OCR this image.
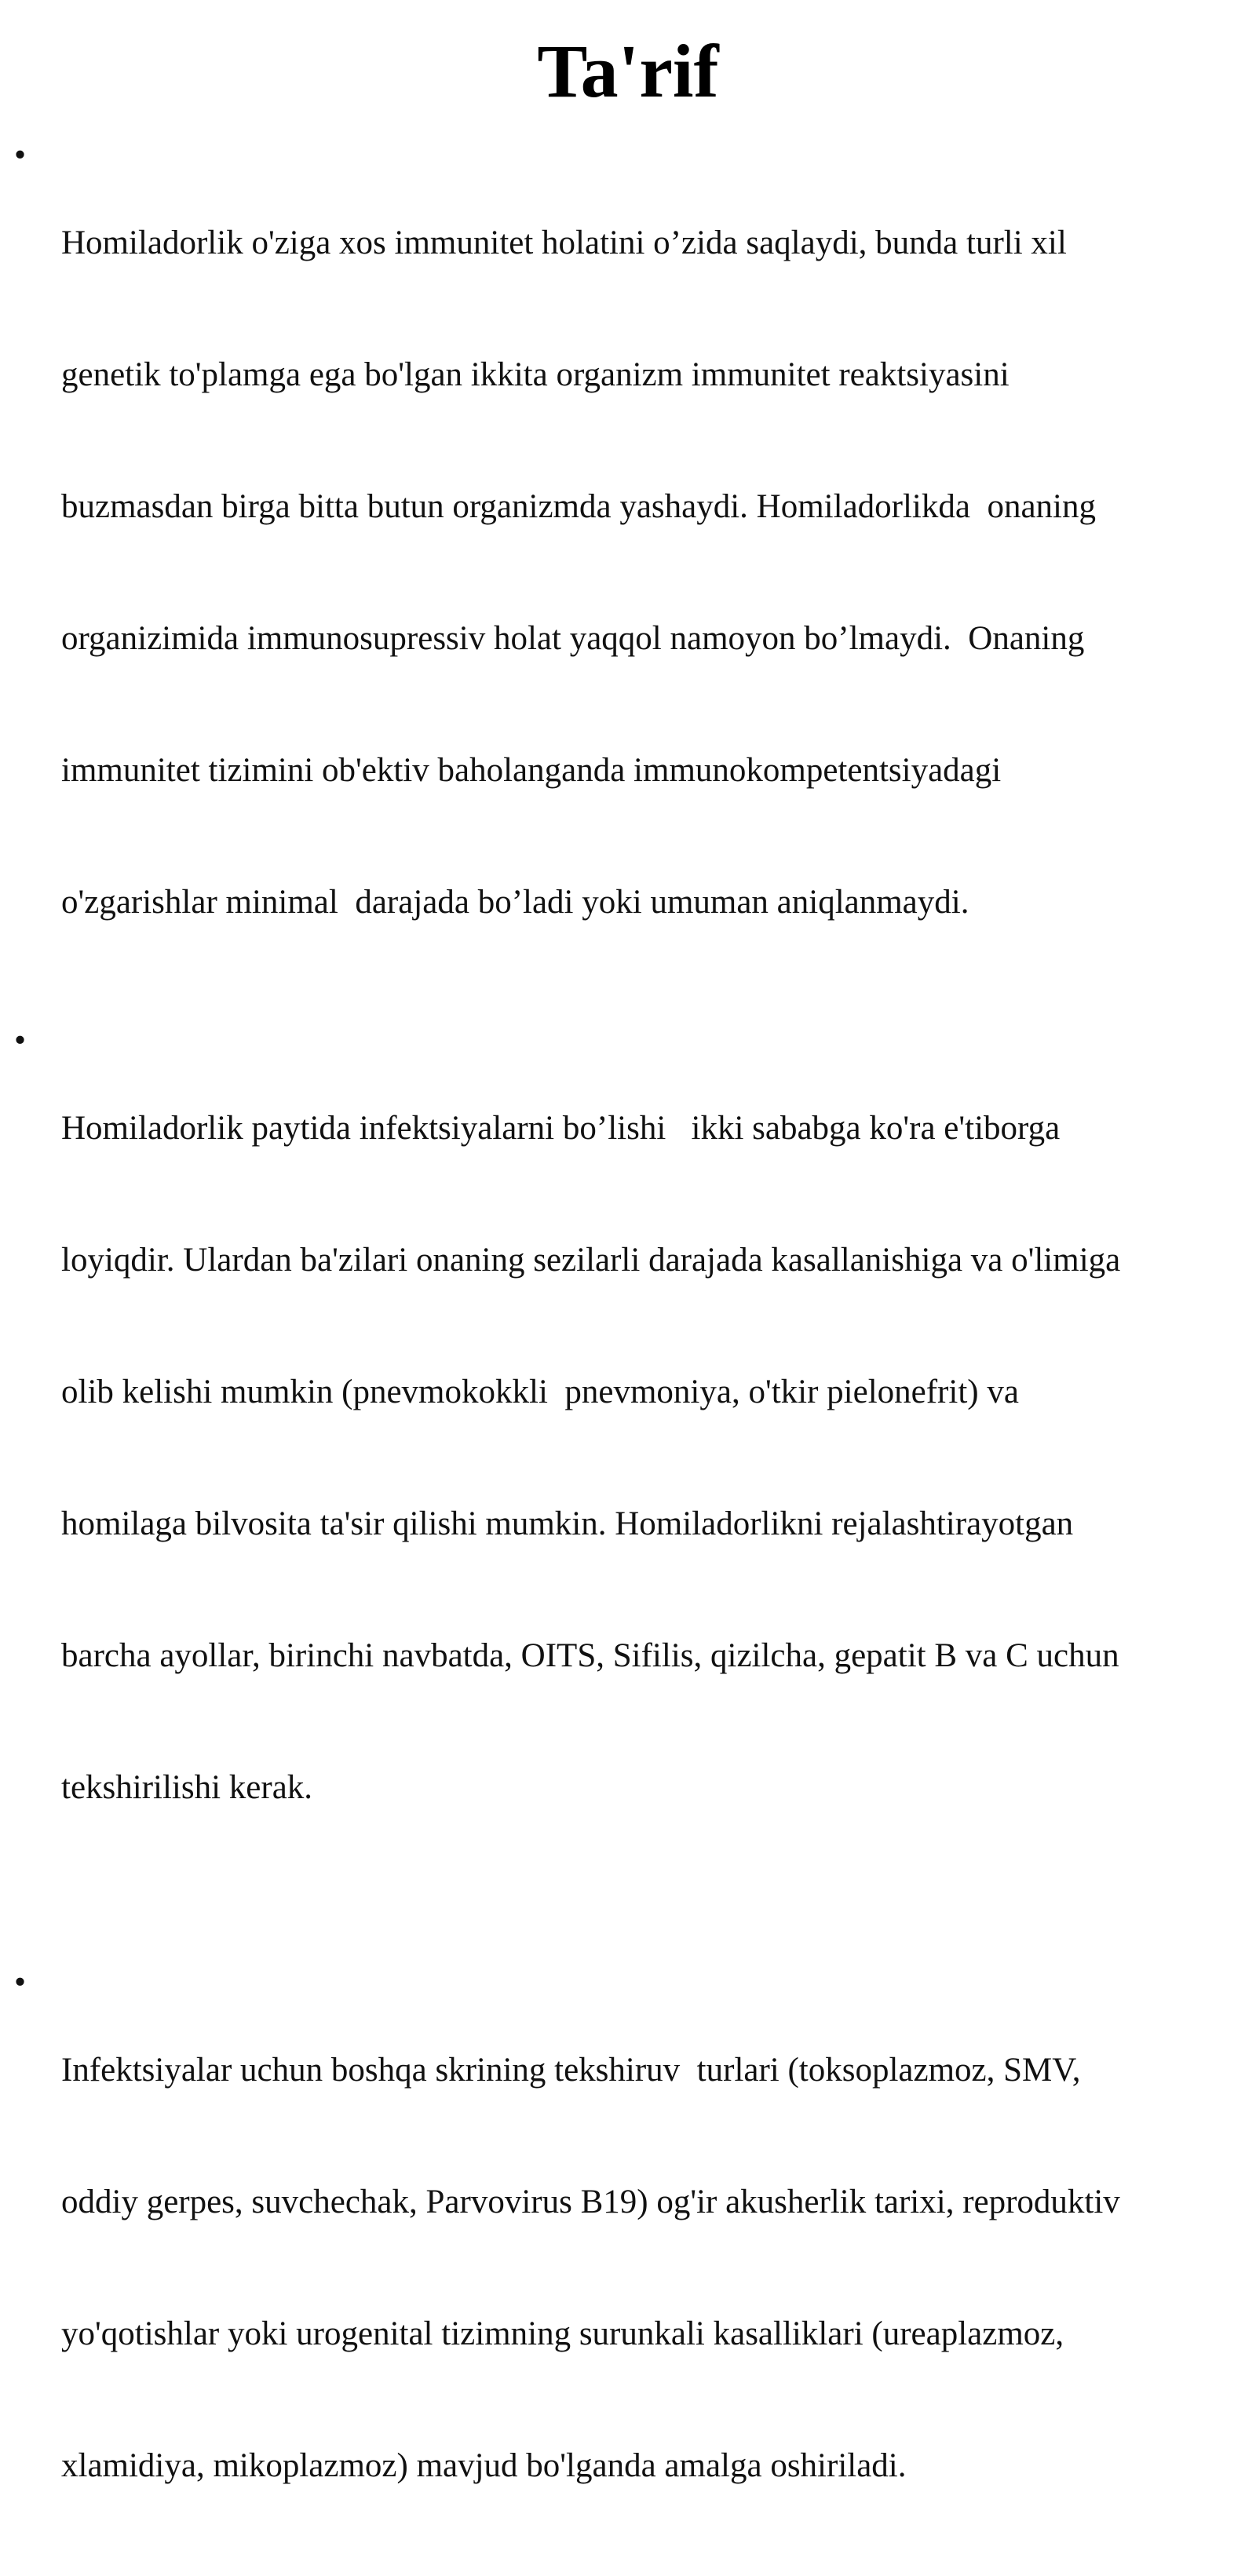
Ta'rif
•

Homiladorlik o'ziga xos immunitet holatini o’zida saqlaydi, bunda turli xil

genetik to'plamga ega bo'lgan ikkita organizm immunitet reaktsiyasini

buzmasdan birga bitta butun organizmda yashaydi. Homiladorlikda  onaning

organizimida immunosupressiv holat yaqqol namoyon bo’lmaydi.  Onaning

immunitet tizimini ob'ektiv baholanganda immunokompetentsiyadagi

o'zgarishlar minimal  darajada bo’ladi yoki umuman aniqlanmaydi.

•

Homiladorlik paytida infektsiyalarni bo’lishi   ikki sababga ko'ra e'tiborga

loyiqdir. Ulardan ba'zilari onaning sezilarli darajada kasallanishiga va o'limiga

olib kelishi mumkin (pnevmokokkli  pnevmoniya, o'tkir pielonefrit) va

homilaga bilvosita ta'sir qilishi mumkin. Homiladorlikni rejalashtirayotgan

barcha ayollar, birinchi navbatda, OITS, Sifilis, qizilcha, gepatit B va C uchun

tekshirilishi kerak.

•

Infektsiyalar uchun boshqa skrining tekshiruv  turlari (toksoplazmoz, SMV,

oddiy gerpes, suvchechak, Parvovirus B19) og'ir akusherlik tarixi, reproduktiv

yo'qotishlar yoki urogenital tizimning surunkali kasalliklari (ureaplazmoz,

xlamidiya, mikoplazmoz) mavjud bo'lganda amalga oshiriladi.
